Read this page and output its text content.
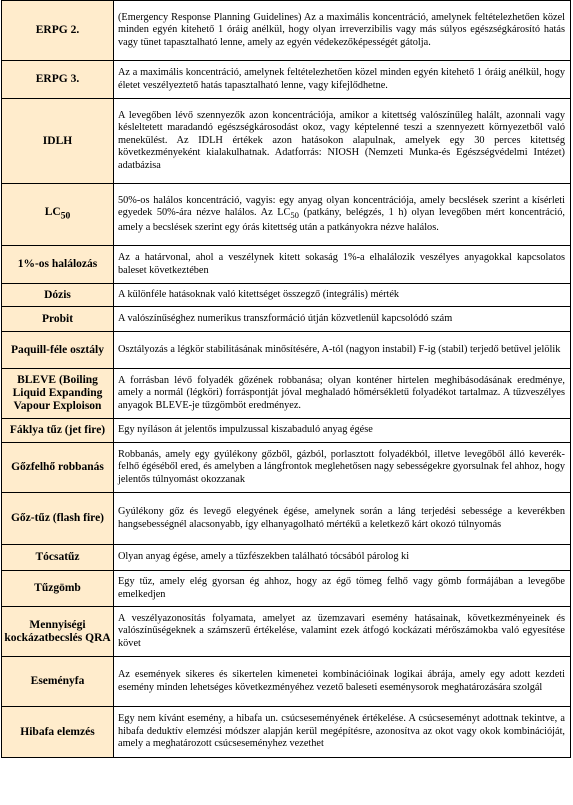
ERPG 2.	(Emergency Response Planning Guidelines) Az a maximális koncentráció, amelynek feltételezhetően közel minden egyén kitehető 1 óráig anélkül, hogy olyan irreverzibilis vagy más súlyos egészségkárosító hatás vagy tünet tapasztalható lenne, amely az egyén védekezőképességét gátolja.
ERPG 3.	Az a maximális koncentráció, amelynek feltételezhetően közel minden egyén kitehető 1 óráig anélkül, hogy életet veszélyeztető hatás tapasztalható lenne, vagy kifejlődhetne.
IDLH	A levegőben lévő szennyezők azon koncentrációja, amikor a kitettség valószínűleg halált, azonnali vagy késleltetett maradandó egészségkárosodást okoz, vagy képtelenné teszi a szennyezett környezetből való menekülést. Az IDLH értékek azon hatásokon alapulnak, amelyek egy 30 perces kitettség következményeként kialakulhatnak. Adatforrás: NIOSH (Nemzeti Munka-és Egészségvédelmi Intézet) adatbázisa
$LC_{50}$	50%-os halálos koncentráció, vagyis: egy anyag olyan koncentrációja, amely becslések szerint a kísérleti egyedek 50%-ára nézve halálos. Az $LC_{50}$ (patkány, belégzés, 1 h) olyan levegőben mért koncentráció, amely a becslések szerint egy órás kitettség után a patkányokra nézve halálos.
1%-os halálozás	Az a határvonal, ahol a veszélynek kitett sokaság 1%-a elhalálozik veszélyes anyagokkal kapcsolatos baleset következtében
Dózis	A különféle hatásoknak való kitettséget összegző (integrális) mérték
Probit	A valószínűséghez numerikus transzformáció útján közvetlenül kapcsolódó szám
Paquill-féle osztály	Osztályozás a légkör stabilitásának minősítésére, A-tól (nagyon instabil) F-ig (stabil) terjedő betűvel jelölik
BLEVE (Boiling Liquid Expanding Vapour Exploison	A forrásban lévő folyadék gőzének robbanása; olyan konténer hirtelen meghibásodásának eredménye, amely a normál (légköri) forráspontját jóval meghaladó hőmérsékletű folyadékot tartalmaz. A tűzveszélyes anyagok BLEVE-je tűzgömböt eredményez.
Fáklya tűz (jet fire)	Egy nyíláson át jelentős impulzussal kiszabaduló anyag égése
Gőzfelhő robbanás	Robbanás, amely egy gyúlékony gőzből, gázból, porlasztott folyadékból, illetve levegőből álló keverék-felhő égéséből ered, és amelyben a lángfrontok meglehetősen nagy sebességekre gyorsulnak fel ahhoz, hogy jelentős túlnyomást okozzanak
Gőz-tűz (flash fire)	Gyúlékony gőz és levegő elegyének égése, amelynek során a láng terjedési sebessége a keverékben hangsebességnél alacsonyabb, így elhanyagolható mértékű a keletkező kárt okozó túlnyomás
Tócsatűz	Olyan anyag égése, amely a tűzfészekben található tócsából párolog ki
Tűzgömb	Egy tűz, amely elég gyorsan ég ahhoz, hogy az égő tömeg felhő vagy gömb formájában a levegőbe emelkedjen
Mennyiségi kockázatbecslés QRA	A veszélyazonosítás folyamata, amelyet az üzemzavari esemény hatásainak, következményeinek és valószínűségeknek a számszerű értékelése, valamint ezek átfogó kockázati mérőszámokba való egyesítése követ
Eseményfa	Az események sikeres és sikertelen kimenetei kombinációinak logikai ábrája, amely egy adott kezdeti esemény minden lehetséges következményéhez vezető baleseti eseménysorok meghatározására szolgál
Hibafa elemzés	Egy nem kívánt esemény, a hibafa un. csúcseseményének értékelése. A csúcseseményt adottnak tekintve, a hibafa deduktív elemzési módszer alapján kerül megépítésre, azonosítva az okot vagy okok kombinációját, amely a meghatározott csúcseseményhez vezethet
